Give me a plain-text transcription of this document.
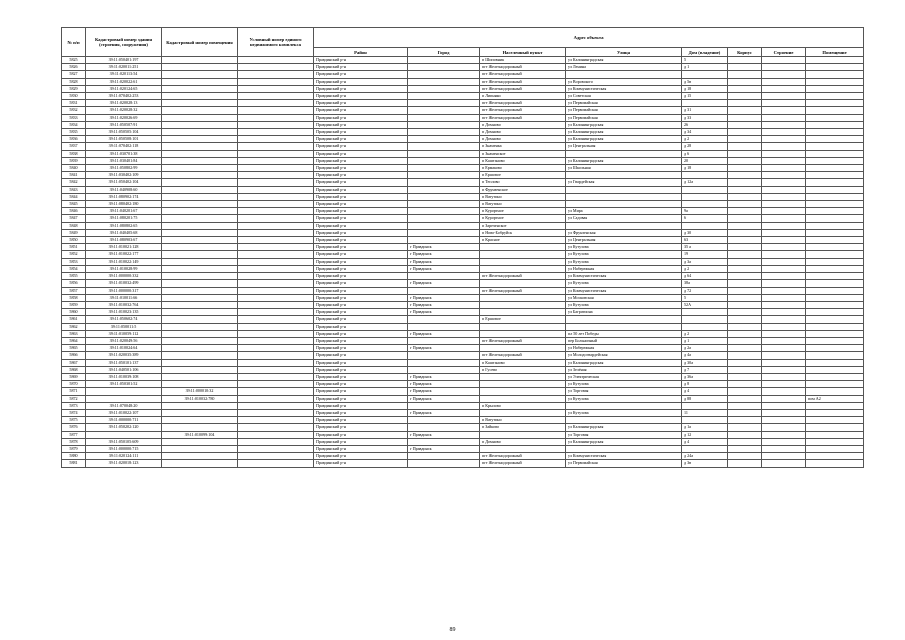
№ п/п	Кадастровый номер здания (строения, сооружения)	Кадастровый номер помещения	Условный номер единого недвижимого комплекса	Адрес объекта							
				Район	Город	Населенный пункт	Улица	Дом (владение)	Корпус	Строение	Помещение
5825	39:11:050401:197			Правдинский р-н		п Шиповник	ул Калининградская	5			
5826	39:11:020011:251			Правдинский р-н		пгт Железнодорожный	ул Ленина	д 1			
5827	39:11:020113:54			Правдинский р-н		пгт Железнодорожный					
5828	39:11:020022:61			Правдинский р-н		пгт Железнодорожный	ул Воровского	д 5в			
5829	39:11:020124:65			Правдинский р-н		пгт Железнодорожный	ул Коммунистическая	д 18			
5830	39:11:070402:253			Правдинский р-н		п Липняки	ул Советская	д 15			
5831	39:11:020028:13			Правдинский р-н		пгт Железнодорожный	ул Первомайская				
5832	39:11:020028:32			Правдинский р-н		пгт Железнодорожный	ул Первомайская	д 31			
5833	39:11:020026:69			Правдинский р-н		пгт Железнодорожный	ул Первомайская	д 33			
5834	39:11:050507:91			Правдинский р-н		п Домново	ул Калининградская	26			
5835	39:11:050505:104			Правдинский р-н		п Домново	ул Калининградская	д 34			
5836	39:11:050508:101			Правдинский р-н		п Домново	ул Калининградская	д 2			
5837	39:11:070402:118			Правдинский р-н		п Знаменка	ул Центральная	д 28			
5838	39:11:030701:38			Правдинский р-н		п Знаменское		д 6			
5839	39:11:030401:84			Правдинский р-н		п Каштаново	ул Калининградская	20			
5840	39:11:050802:99			Правдинский р-н		п Ермаково	ул Школьная	д 18			
5841	39:11:030402:109			Правдинский р-н		п Ершовое					
5842	39:11:050402:104			Правдинский р-н		п Теплово	ул Гвардейская	д 12а			
5843	39:11:040908:60			Правдинский р-н		п Фрунзенское					
5844	39:11:080902:174			Правдинский р-н		п Ватутино					
5845	39:11:080402:180			Правдинский р-н		п Ватутино					
5846	39:11:040201:67			Правдинский р-н		п Курортное	ул Мира	9а			
5847	39:11:080201:75			Правдинский р-н		п Курортное	ул Садовая	6			
5848	39:11:080802:65			Правдинский р-н		п Зареченское					
5849	39:11:040405:68			Правдинский р-н		п Ново-Бобруйск	ул Фрунзенская	д 30			
5850	39:11:080903:67			Правдинский р-н		п Красное	ул Центральная	63			
5851	39:11:010021:128			Правдинский р-н	г Правдинск		ул Кутузова	35 а			
5852	39:11:010022:177			Правдинский р-н	г Правдинск		ул Кутузова	19			
5853	39:11:010022:149			Правдинский р-н	г Правдинск		ул Кутузова	д 3а			
5854	39:11:010028:99			Правдинский р-н	г Правдинск		ул Набережная	д 2			
5855	39:11:000000:332			Правдинский р-н		пгт Железнодорожный	ул Коммунистическая	д 64			
5856	39:11:010032:499			Правдинский р-н	г Правдинск		ул Кутузова	38а			
5857	39:11:000000:317			Правдинский р-н		пгт Железнодорожный	ул Коммунистическая	д 72			
5858	39:11:010011:66			Правдинский р-н	г Правдинск		ул Московская	5			
5859	39:11:010032:764			Правдинский р-н	г Правдинск		ул Кутузова	52А			
5860	39:11:010023:135			Правдинский р-н	г Правдинск		ул Багратиона				
5861	39:11:050602:74			Правдинский р-н		п Ершовое					
5862	39:11:050011:5			Правдинский р-н							
5863	39:11:010059:112			Правдинский р-н	г Правдинск		пл 50 лет Победы	д 2			
5864	39:11:020049:56			Правдинский р-н		пгт Железнодорожный	пер Больничный	д 1			
5865	39:11:010024:64			Правдинский р-н	г Правдинск		ул Набережная	д 2а			
5866	39:11:020035:389			Правдинский р-н		пгт Железнодорожный	ул Молодогвардейская	д 4а			
5867	39:11:050101:137			Правдинский р-н		п Каштаново	ул Калининградская	д 30а			
5868	39:11:040501:106			Правдинский р-н		п Гусево	ул Зелёная	д 7			
5869	39:11:010039:108			Правдинский р-н	г Правдинск		ул Электрическая	д 36а			
5870	39:11:050301:52			Правдинский р-н	г Правдинск		ул Кутузова	д 8			
5871		39:11:000010:32		Правдинский р-н	г Правдинск		ул Торговая	д 4			
5872		39:11:010032:780		Правдинский р-н	г Правдинск		ул Кутузова	д 88			пом А2
5873	39:11:070048:20			Правдинский р-н		п Крылово					
5874	39:11:010022:107			Правдинский р-н	г Правдинск		ул Кутузова	11			
5875	39:11:000000:711			Правдинский р-н		п Ватутино					
5876	39:11:050202:120			Правдинский р-н		п Зайково	ул Калининградская	д 1а			
5877		39:11:010099:104		Правдинский р-н	г Правдинск		ул Торговая	д 12			
5878	39:11:050105:609			Правдинский р-н		п Домново	ул Калининградская	д 4			
5879	39:11:000000:715			Правдинский р-н	г Правдинск						
5880	39:11:020124:111			Правдинский р-н		пгт Железнодорожный	ул Коммунистическая	д 24а			
5881	39:11:020018:123			Правдинский р-н		пгт Железнодорожный	ул Первомайская	д 3в			
89
